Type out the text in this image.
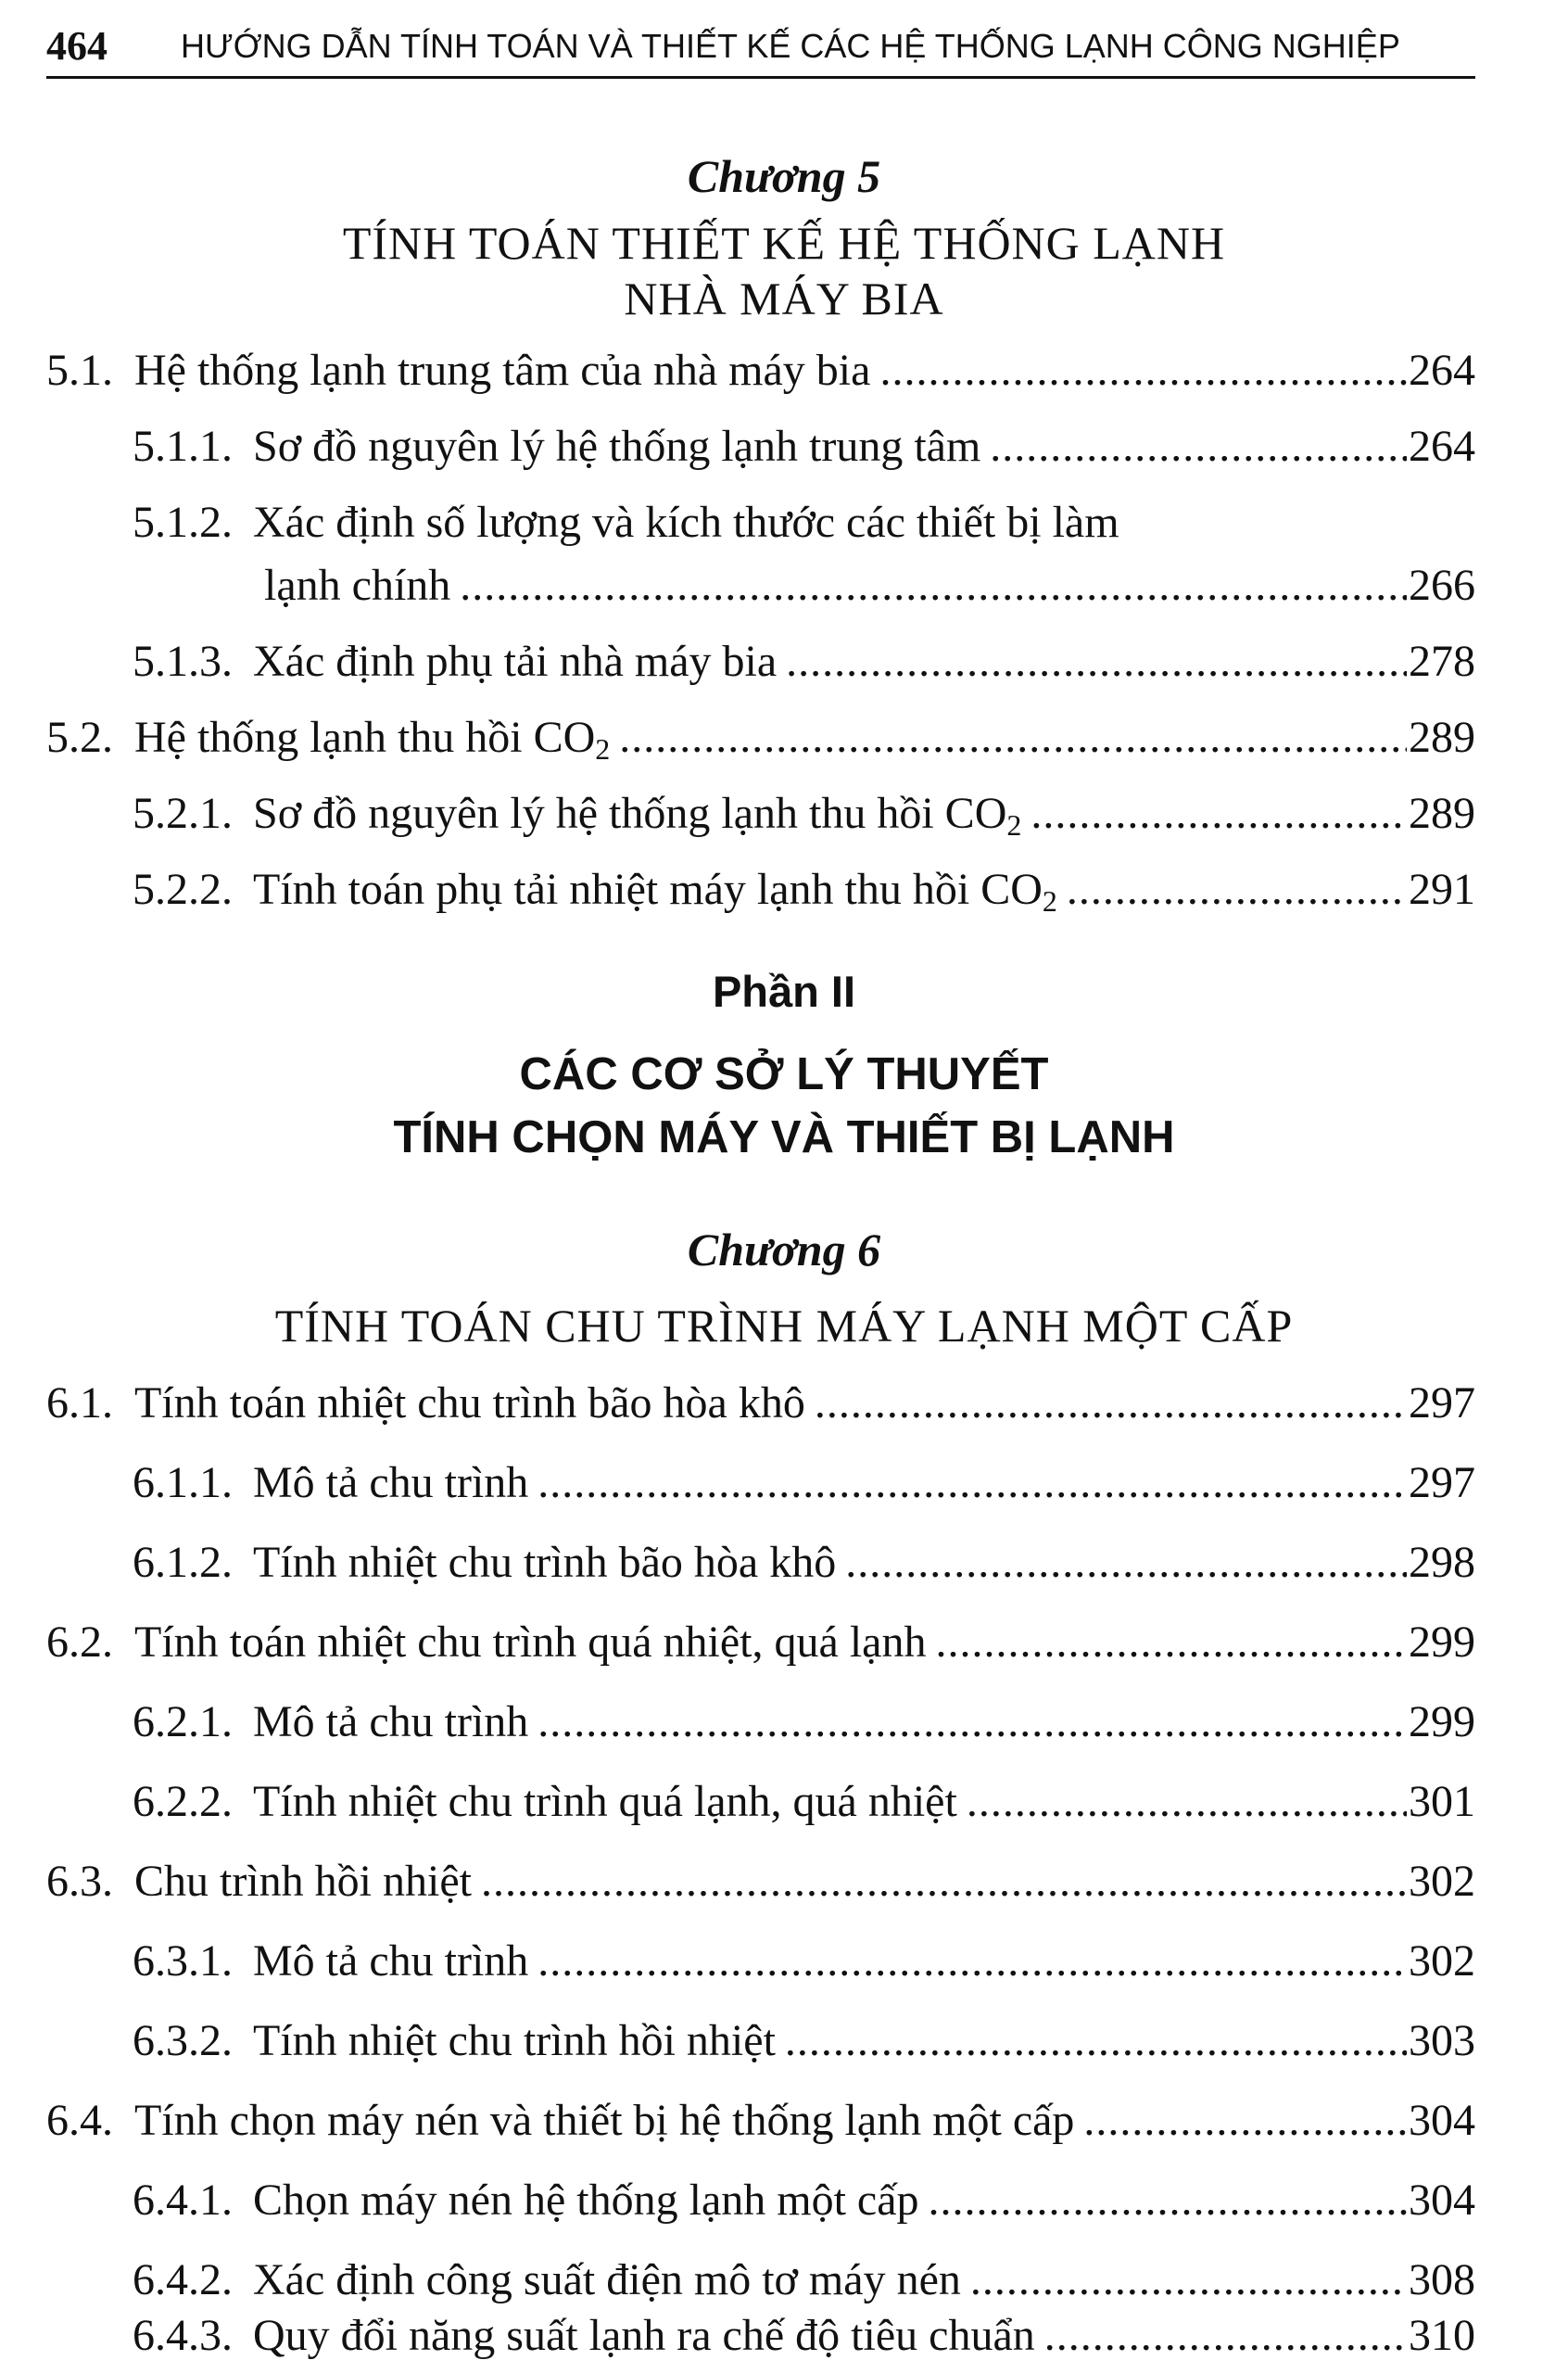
464 HƯỚNG DẪN TÍNH TOÁN VÀ THIẾT KẾ CÁC HỆ THỐNG LẠNH CÔNG NGHIỆP
Chương 5
TÍNH TOÁN THIẾT KẾ HỆ THỐNG LẠNH
NHÀ MÁY BIA
5.1. Hệ thống lạnh trung tâm của nhà máy bia .....	264
5.1.1. Sơ đồ nguyên lý hệ thống lạnh trung tâm .....	264
5.1.2. Xác định số lượng và kích thước các thiết bị làm
lạnh chính .....	266
5.1.3. Xác định phụ tải nhà máy bia .....	278
5.2. Hệ thống lạnh thu hồi $CO_2$ .....	289
5.2.1. Sơ đồ nguyên lý hệ thống lạnh thu hồi $CO_2$ .....	289
5.2.2. Tính toán phụ tải nhiệt máy lạnh thu hồi $CO_2$ .....	291
Phần II
CÁC CƠ SỞ LÝ THUYẾT
TÍNH CHỌN MÁY VÀ THIẾT BỊ LẠNH
Chương 6
TÍNH TOÁN CHU TRÌNH MÁY LẠNH MỘT CẤP
6.1. Tính toán nhiệt chu trình bão hòa khô .....	297
6.1.1. Mô tả chu trình .....	297
6.1.2. Tính nhiệt chu trình bão hòa khô .....	298
6.2. Tính toán nhiệt chu trình quá nhiệt, quá lạnh .....	299
6.2.1. Mô tả chu trình .....	299
6.2.2. Tính nhiệt chu trình quá lạnh, quá nhiệt .....	301
6.3. Chu trình hồi nhiệt .....	302
6.3.1. Mô tả chu trình .....	302
6.3.2. Tính nhiệt chu trình hồi nhiệt .....	303
6.4. Tính chọn máy nén và thiết bị hệ thống lạnh một cấp .....	304
6.4.1. Chọn máy nén hệ thống lạnh một cấp .....	304
6.4.2. Xác định công suất điện mô tơ máy nén .....	308
6.4.3. Quy đổi năng suất lạnh ra chế độ tiêu chuẩn .....	310
